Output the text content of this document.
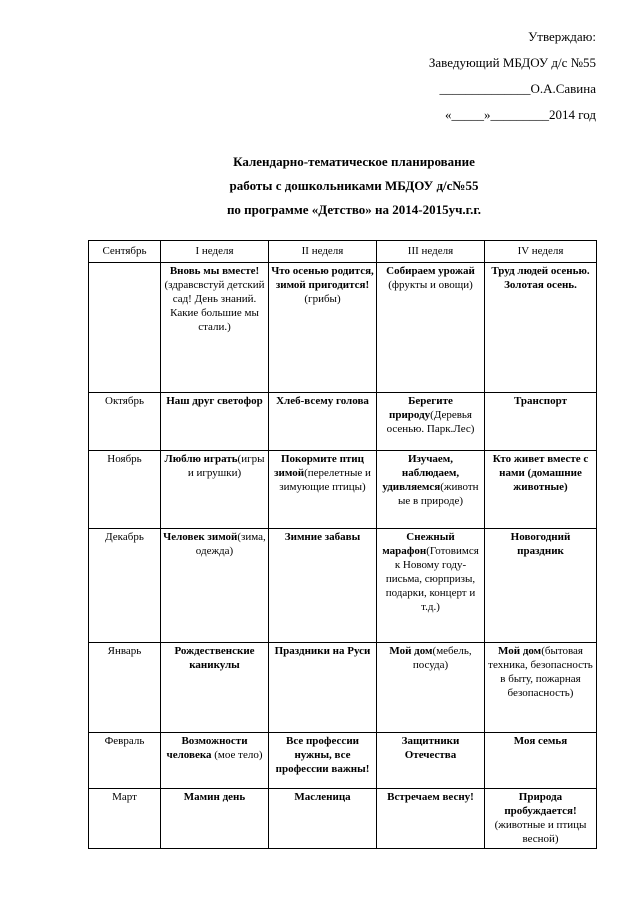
Утверждаю:
Заведующий МБДОУ д/с №55
______________О.А.Савина
«_____»_________2014 год
Календарно-тематическое планирование
работы с дошкольниками МБДОУ д/с№55
по программе «Детство» на 2014-2015уч.г.г.
Сентябрь	I неделя	II неделя	III неделя	IV неделя
	Вновь мы вместе!(здравсвстуй детский сад! День знаний. Какие большие мы стали.)	Что осенью родится, зимой пригодится!(грибы)	Собираем урожай (фрукты и овощи)	Труд людей осенью. Золотая осень.
Октябрь	Наш друг светофор	Хлеб-всему голова	Берегите природу(Деревья осенью. Парк.Лес)	Транспорт
Ноябрь	Люблю играть(игры и игрушки)	Покормите птиц зимой(перелетные и зимующие птицы)	Изучаем, наблюдаем, удивляемся(животные в природе)	Кто живет вместе с нами (домашние животные)
Декабрь	Человек зимой(зима, одежда)	Зимние забавы	Снежный марафон(Готовимся к Новому году-письма, сюрпризы, подарки, концерт и т.д.)	Новогодний праздник
Январь	Рождественские каникулы	Праздники на Руси	Мой дом(мебель, посуда)	Мой дом(бытовая техника, безопасность в быту, пожарная безопасность)
Февраль	Возможности человека (мое тело)	Все профессии нужны, все профессии важны!	Защитники Отечества	Моя семья
Март	Мамин день	Масленица	Встречаем весну!	Природа пробуждается!(животные и птицы весной)
